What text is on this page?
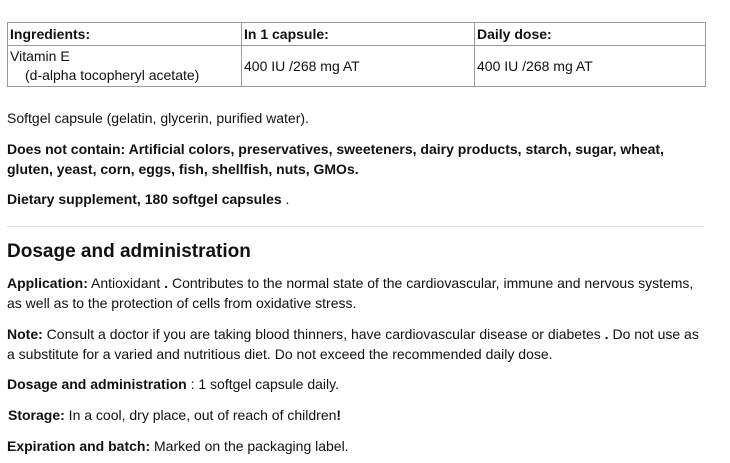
Ingredients:	In 1 capsule:	Daily dose:
Vitamin E
(d-alpha tocopheryl acetate)	400 IU /268 mg AT	400 IU /268 mg AT

Softgel capsule (gelatin, glycerin, purified water).

Does not contain: Artificial colors, preservatives, sweeteners, dairy products, starch, sugar, wheat, gluten, yeast, corn, eggs, fish, shellfish, nuts, GMOs.

Dietary supplement, 180 softgel capsules .

Dosage and administration

Application: Antioxidant . Contributes to the normal state of the cardiovascular, immune and nervous systems, as well as to the protection of cells from oxidative stress.

Note: Consult a doctor if you are taking blood thinners, have cardiovascular disease or diabetes . Do not use as a substitute for a varied and nutritious diet. Do not exceed the recommended daily dose.

Dosage and administration : 1 softgel capsule daily.

Storage: In a cool, dry place, out of reach of children!

Expiration and batch: Marked on the packaging label.
